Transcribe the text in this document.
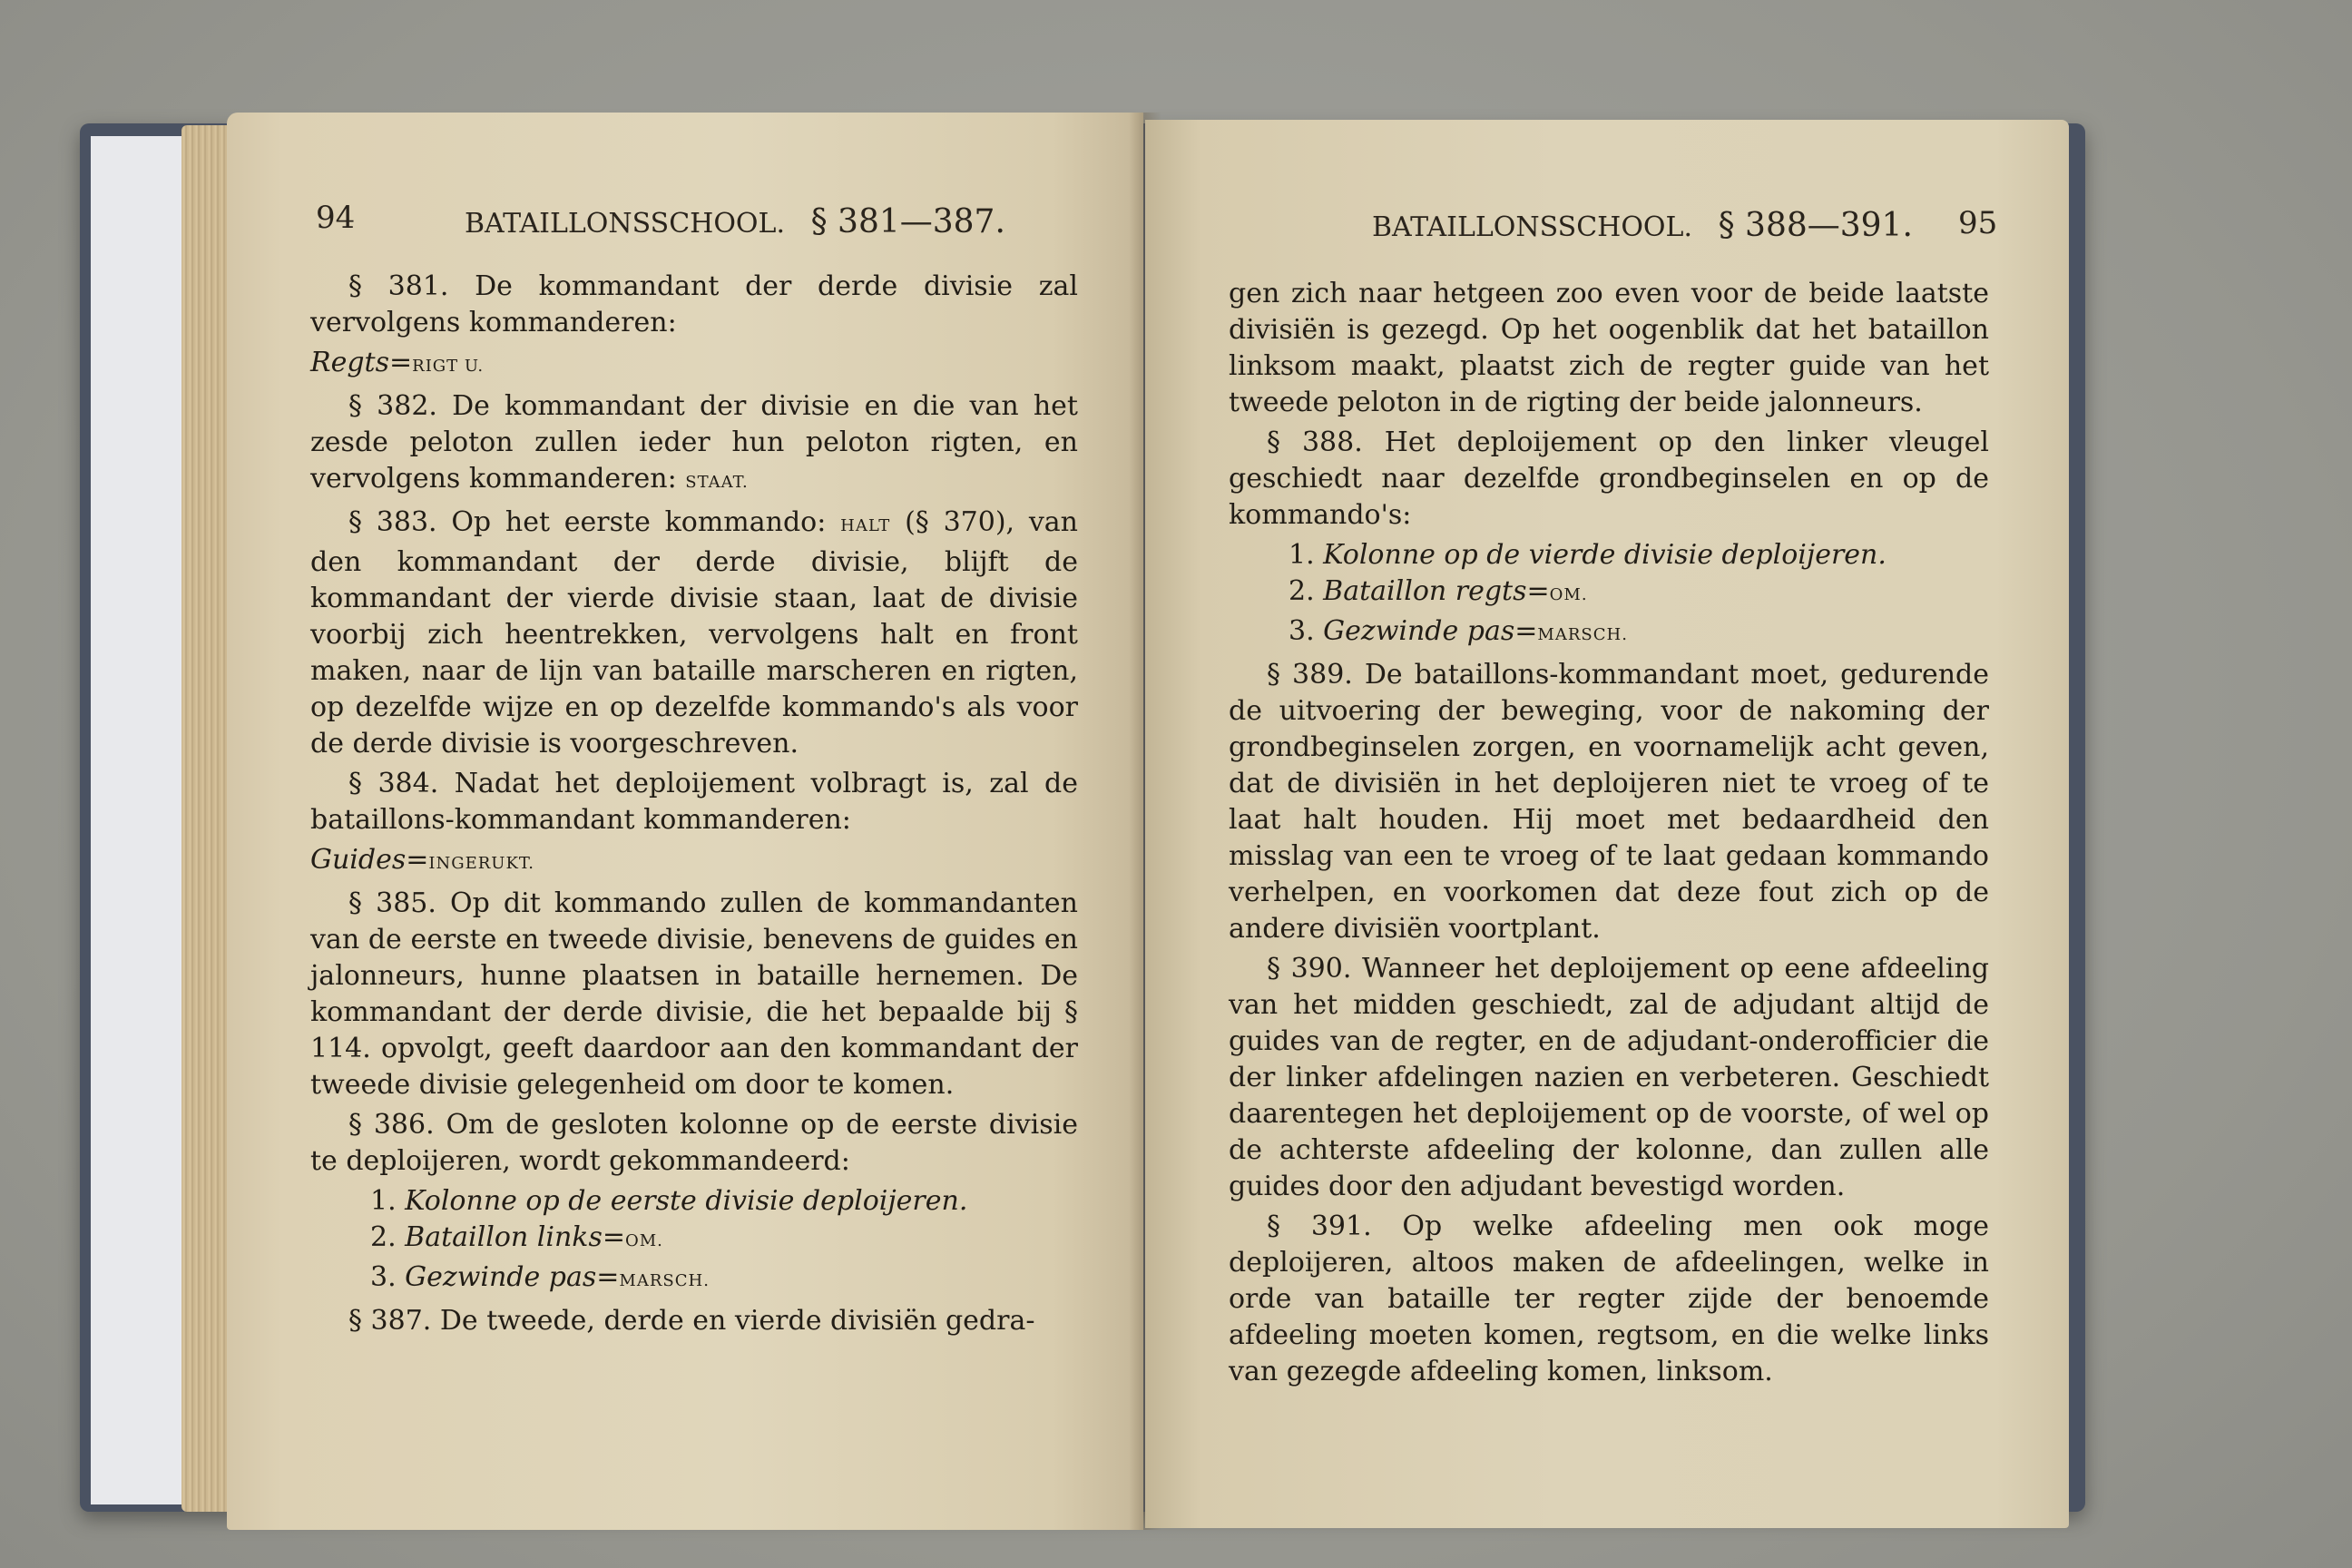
94	BATAILLONSSCHOOL. § 381—387.

§ 381. De kommandant der derde divisie zal vervolgens kommanderen:

Regts=RIGT U.

§ 382. De kommandant der divisie en die van het zesde peloton zullen ieder hun peloton rigten, en vervolgens kommanderen: STAAT.

§ 383. Op het eerste kommando: HALT (§ 370), van den kommandant der derde divisie, blijft de kommandant der vierde divisie staan, laat de divisie voorbij zich heentrekken, vervolgens halt en front maken, naar de lijn van bataille marscheren en rigten, op dezelfde wijze en op dezelfde kommando's als voor de derde divisie is voorgeschreven.

§ 384. Nadat het deploijement volbragt is, zal de bataillons-kommandant kommanderen:

Guides=INGERUKT.

§ 385. Op dit kommando zullen de kommandanten van de eerste en tweede divisie, benevens de guides en jalonneurs, hunne plaatsen in bataille hernemen. De kommandant der derde divisie, die het bepaalde bij § 114. opvolgt, geeft daardoor aan den kommandant der tweede divisie gelegenheid om door te komen.

§ 386. Om de gesloten kolonne op de eerste divisie te deploijeren, wordt gekommandeerd:

1. Kolonne op de eerste divisie deploijeren.
2. Bataillon links=OM.
3. Gezwinde pas=MARSCH.

§ 387. De tweede, derde en vierde divisiën gedra-

BATAILLONSSCHOOL. § 388—391. 95

gen zich naar hetgeen zoo even voor de beide laatste divisiën is gezegd. Op het oogenblik dat het bataillon linksom maakt, plaatst zich de regter guide van het tweede peloton in de rigting der beide jalonneurs.

§ 388. Het deploijement op den linker vleugel geschiedt naar dezelfde grondbeginselen en op de kommando's:

1. Kolonne op de vierde divisie deploijeren.
2. Bataillon regts=OM.
3. Gezwinde pas=MARSCH.

§ 389. De bataillons-kommandant moet, gedurende de uitvoering der beweging, voor de nakoming der grondbeginselen zorgen, en voornamelijk acht geven, dat de divisiën in het deploijeren niet te vroeg of te laat halt houden. Hij moet met bedaardheid den misslag van een te vroeg of te laat gedaan kommando verhelpen, en voorkomen dat deze fout zich op de andere divisiën voortplant.

§ 390. Wanneer het deploijement op eene afdeeling van het midden geschiedt, zal de adjudant altijd de guides van de regter, en de adjudant-onderofficier die der linker afdelingen nazien en verbeteren. Geschiedt daarentegen het deploijement op de voorste, of wel op de achterste afdeeling der kolonne, dan zullen alle guides door den adjudant bevestigd worden.

§ 391. Op welke afdeeling men ook moge deploijeren, altoos maken de afdeelingen, welke in orde van bataille ter regter zijde der benoemde afdeeling moeten komen, regtsom, en die welke links van gezegde afdeeling komen, linksom.
